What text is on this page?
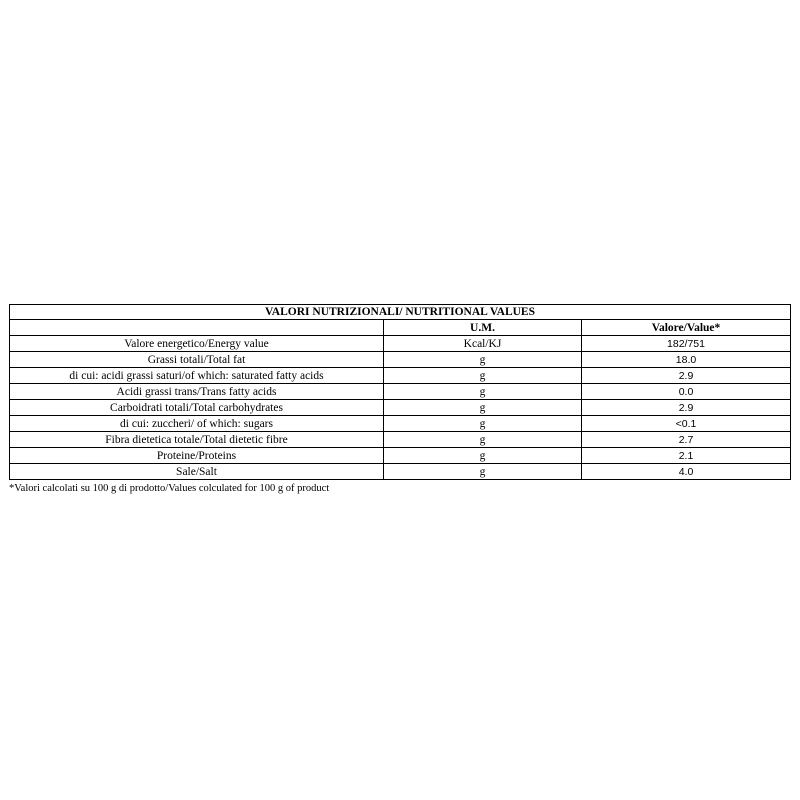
VALORI NUTRIZIONALI/ NUTRITIONAL VALUES		
	U.M.	Valore/Value*
Valore energetico/Energy value	Kcal/KJ	182/751
Grassi totali/Total fat	g	18.0
di cui: acidi grassi saturi/of which: saturated fatty acids	g	2.9
Acidi grassi trans/Trans fatty acids	g	0.0
Carboidrati totali/Total carbohydrates	g	2.9
di cui: zuccheri/ of which: sugars	g	<0.1
Fibra dietetica totale/Total dietetic fibre	g	2.7
Proteine/Proteins	g	2.1
Sale/Salt	g	4.0
*Valori calcolati su 100 g di prodotto/Values colculated for 100 g of product
